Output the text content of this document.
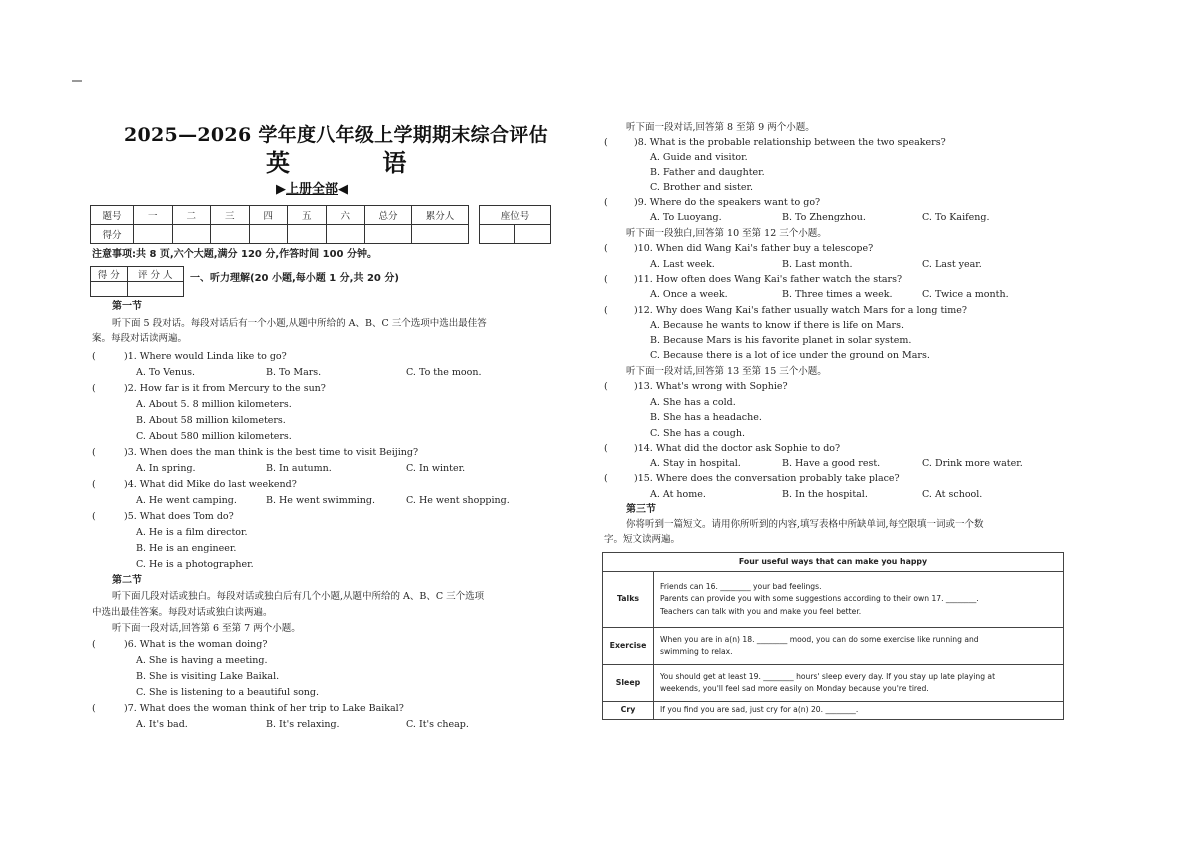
2025—2026 学年度八年级上学期期末综合评估
英 语
▶上册全部◀
题号	一	二	三	四	五	六	总分	累分人
得分								
座位号

注意事项:共 8 页,六个大题,满分 120 分,作答时间 100 分钟。
得 分	评 分 人
	一、听力理解(20 小题,每小题 1 分,共 20 分)
第一节
听下面 5 段对话。每段对话后有一个小题,从题中所给的 A、B、C 三个选项中选出最佳答
案。每段对话读两遍。
(	)1. Where would Linda like to go?
A. To Venus.	B. To Mars.	C. To the moon.
(	)2. How far is it from Mercury to the sun?
A. About 5. 8 million kilometers.
B. About 58 million kilometers.
C. About 580 million kilometers.
(	)3. When does the man think is the best time to visit Beijing?
A. In spring.	B. In autumn.	C. In winter.
(	)4. What did Mike do last weekend?
A. He went camping.	B. He went swimming.	C. He went shopping.
(	)5. What does Tom do?
A. He is a film director.
B. He is an engineer.
C. He is a photographer.
第二节
听下面几段对话或独白。每段对话或独白后有几个小题,从题中所给的 A、B、C 三个选项
中选出最佳答案。每段对话或独白读两遍。
听下面一段对话,回答第 6 至第 7 两个小题。
(	)6. What is the woman doing?
A. She is having a meeting.
B. She is visiting Lake Baikal.
C. She is listening to a beautiful song.
(	)7. What does the woman think of her trip to Lake Baikal?
A. It's bad.	B. It's relaxing.	C. It's cheap.
听下面一段对话,回答第 8 至第 9 两个小题。
(	)8. What is the probable relationship between the two speakers?
A. Guide and visitor.
B. Father and daughter.
C. Brother and sister.
(	)9. Where do the speakers want to go?
A. To Luoyang.	B. To Zhengzhou.	C. To Kaifeng.
听下面一段独白,回答第 10 至第 12 三个小题。
(	)10. When did Wang Kai's father buy a telescope?
A. Last week.	B. Last month.	C. Last year.
(	)11. How often does Wang Kai's father watch the stars?
A. Once a week.	B. Three times a week.	C. Twice a month.
(	)12. Why does Wang Kai's father usually watch Mars for a long time?
A. Because he wants to know if there is life on Mars.
B. Because Mars is his favorite planet in solar system.
C. Because there is a lot of ice under the ground on Mars.
听下面一段对话,回答第 13 至第 15 三个小题。
(	)13. What's wrong with Sophie?
A. She has a cold.
B. She has a headache.
C. She has a cough.
(	)14. What did the doctor ask Sophie to do?
A. Stay in hospital.	B. Have a good rest.	C. Drink more water.
(	)15. Where does the conversation probably take place?
A. At home.	B. In the hospital.	C. At school.
第三节
你将听到一篇短文。请用你所听到的内容,填写表格中所缺单词,每空限填一词或一个数
字。短文读两遍。
Four useful ways that can make you happy	
Talks	Friends can 16. ________ your bad feelings.
Parents can provide you with some suggestions according to their own 17. ________.
Teachers can talk with you and make you feel better.

Exercise	When you are in a(n) 18. ________ mood, you can do some exercise like running and
swimming to relax.

Sleep	You should get at least 19. ________ hours' sleep every day. If you stay up late playing at
weekends, you'll feel sad more easily on Monday because you're tired.

Cry	If you find you are sad, just cry for a(n) 20. ________.
